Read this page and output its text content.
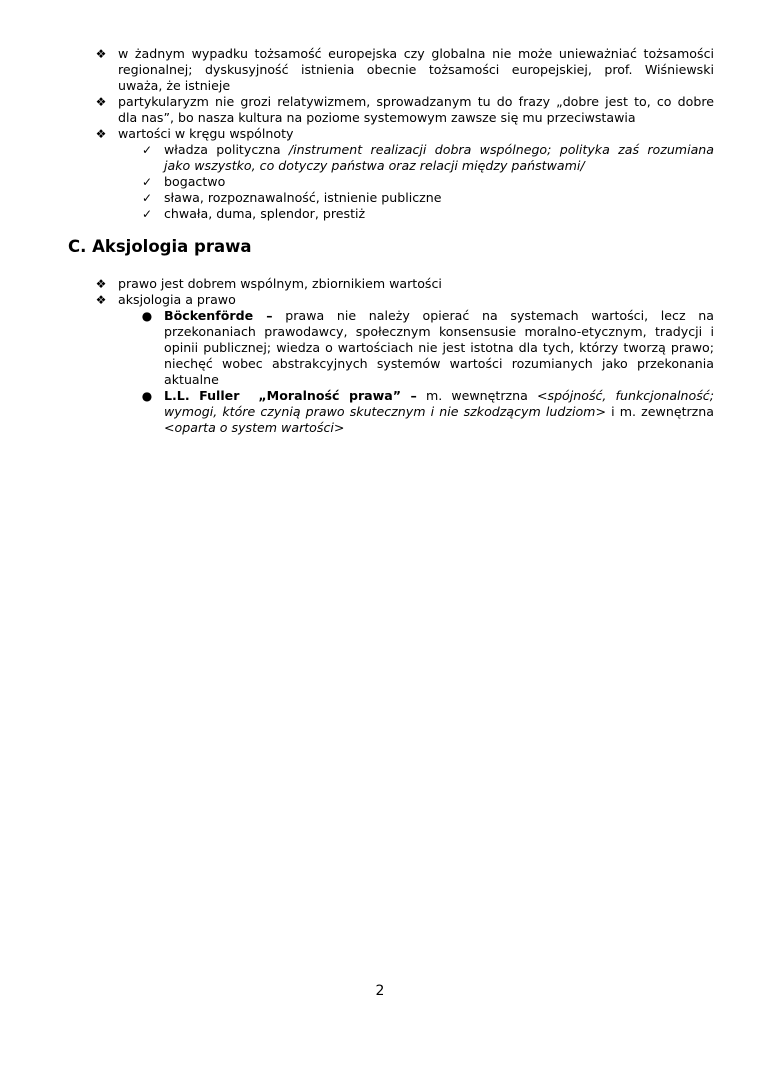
❖ w żadnym wypadku tożsamość europejska czy globalna nie może unieważniać tożsamości
regionalnej; dyskusyjność istnienia obecnie tożsamości europejskiej, prof. Wiśniewski
uważa, że istnieje
❖ partykularyzm nie grozi relatywizmem, sprowadzanym tu do frazy „dobre jest to, co dobre
dla nas”, bo nasza kultura na poziome systemowym zawsze się mu przeciwstawia
❖ wartości w kręgu wspólnoty
✓ władza polityczna /instrument realizacji dobra wspólnego; polityka zaś rozumiana
jako wszystko, co dotyczy państwa oraz relacji między państwami/
✓ bogactwo
✓ sława, rozpoznawalność, istnienie publiczne
✓ chwała, duma, splendor, prestiż
C. Aksjologia prawa
❖ prawo jest dobrem wspólnym, zbiornikiem wartości
❖ aksjologia a prawo
● Böckenförde – prawa nie należy opierać na systemach wartości, lecz na
przekonaniach prawodawcy, społecznym konsensusie moralno-etycznym, tradycji i
opinii publicznej; wiedza o wartościach nie jest istotna dla tych, którzy tworzą prawo;
niechęć wobec abstrakcyjnych systemów wartości rozumianych jako przekonania
aktualne
● L.L. Fuller  „Moralność prawa” – m. wewnętrzna <spójność, funkcjonalność;
wymogi, które czynią prawo skutecznym i nie szkodzącym ludziom> i m. zewnętrzna
<oparta o system wartości>
2
